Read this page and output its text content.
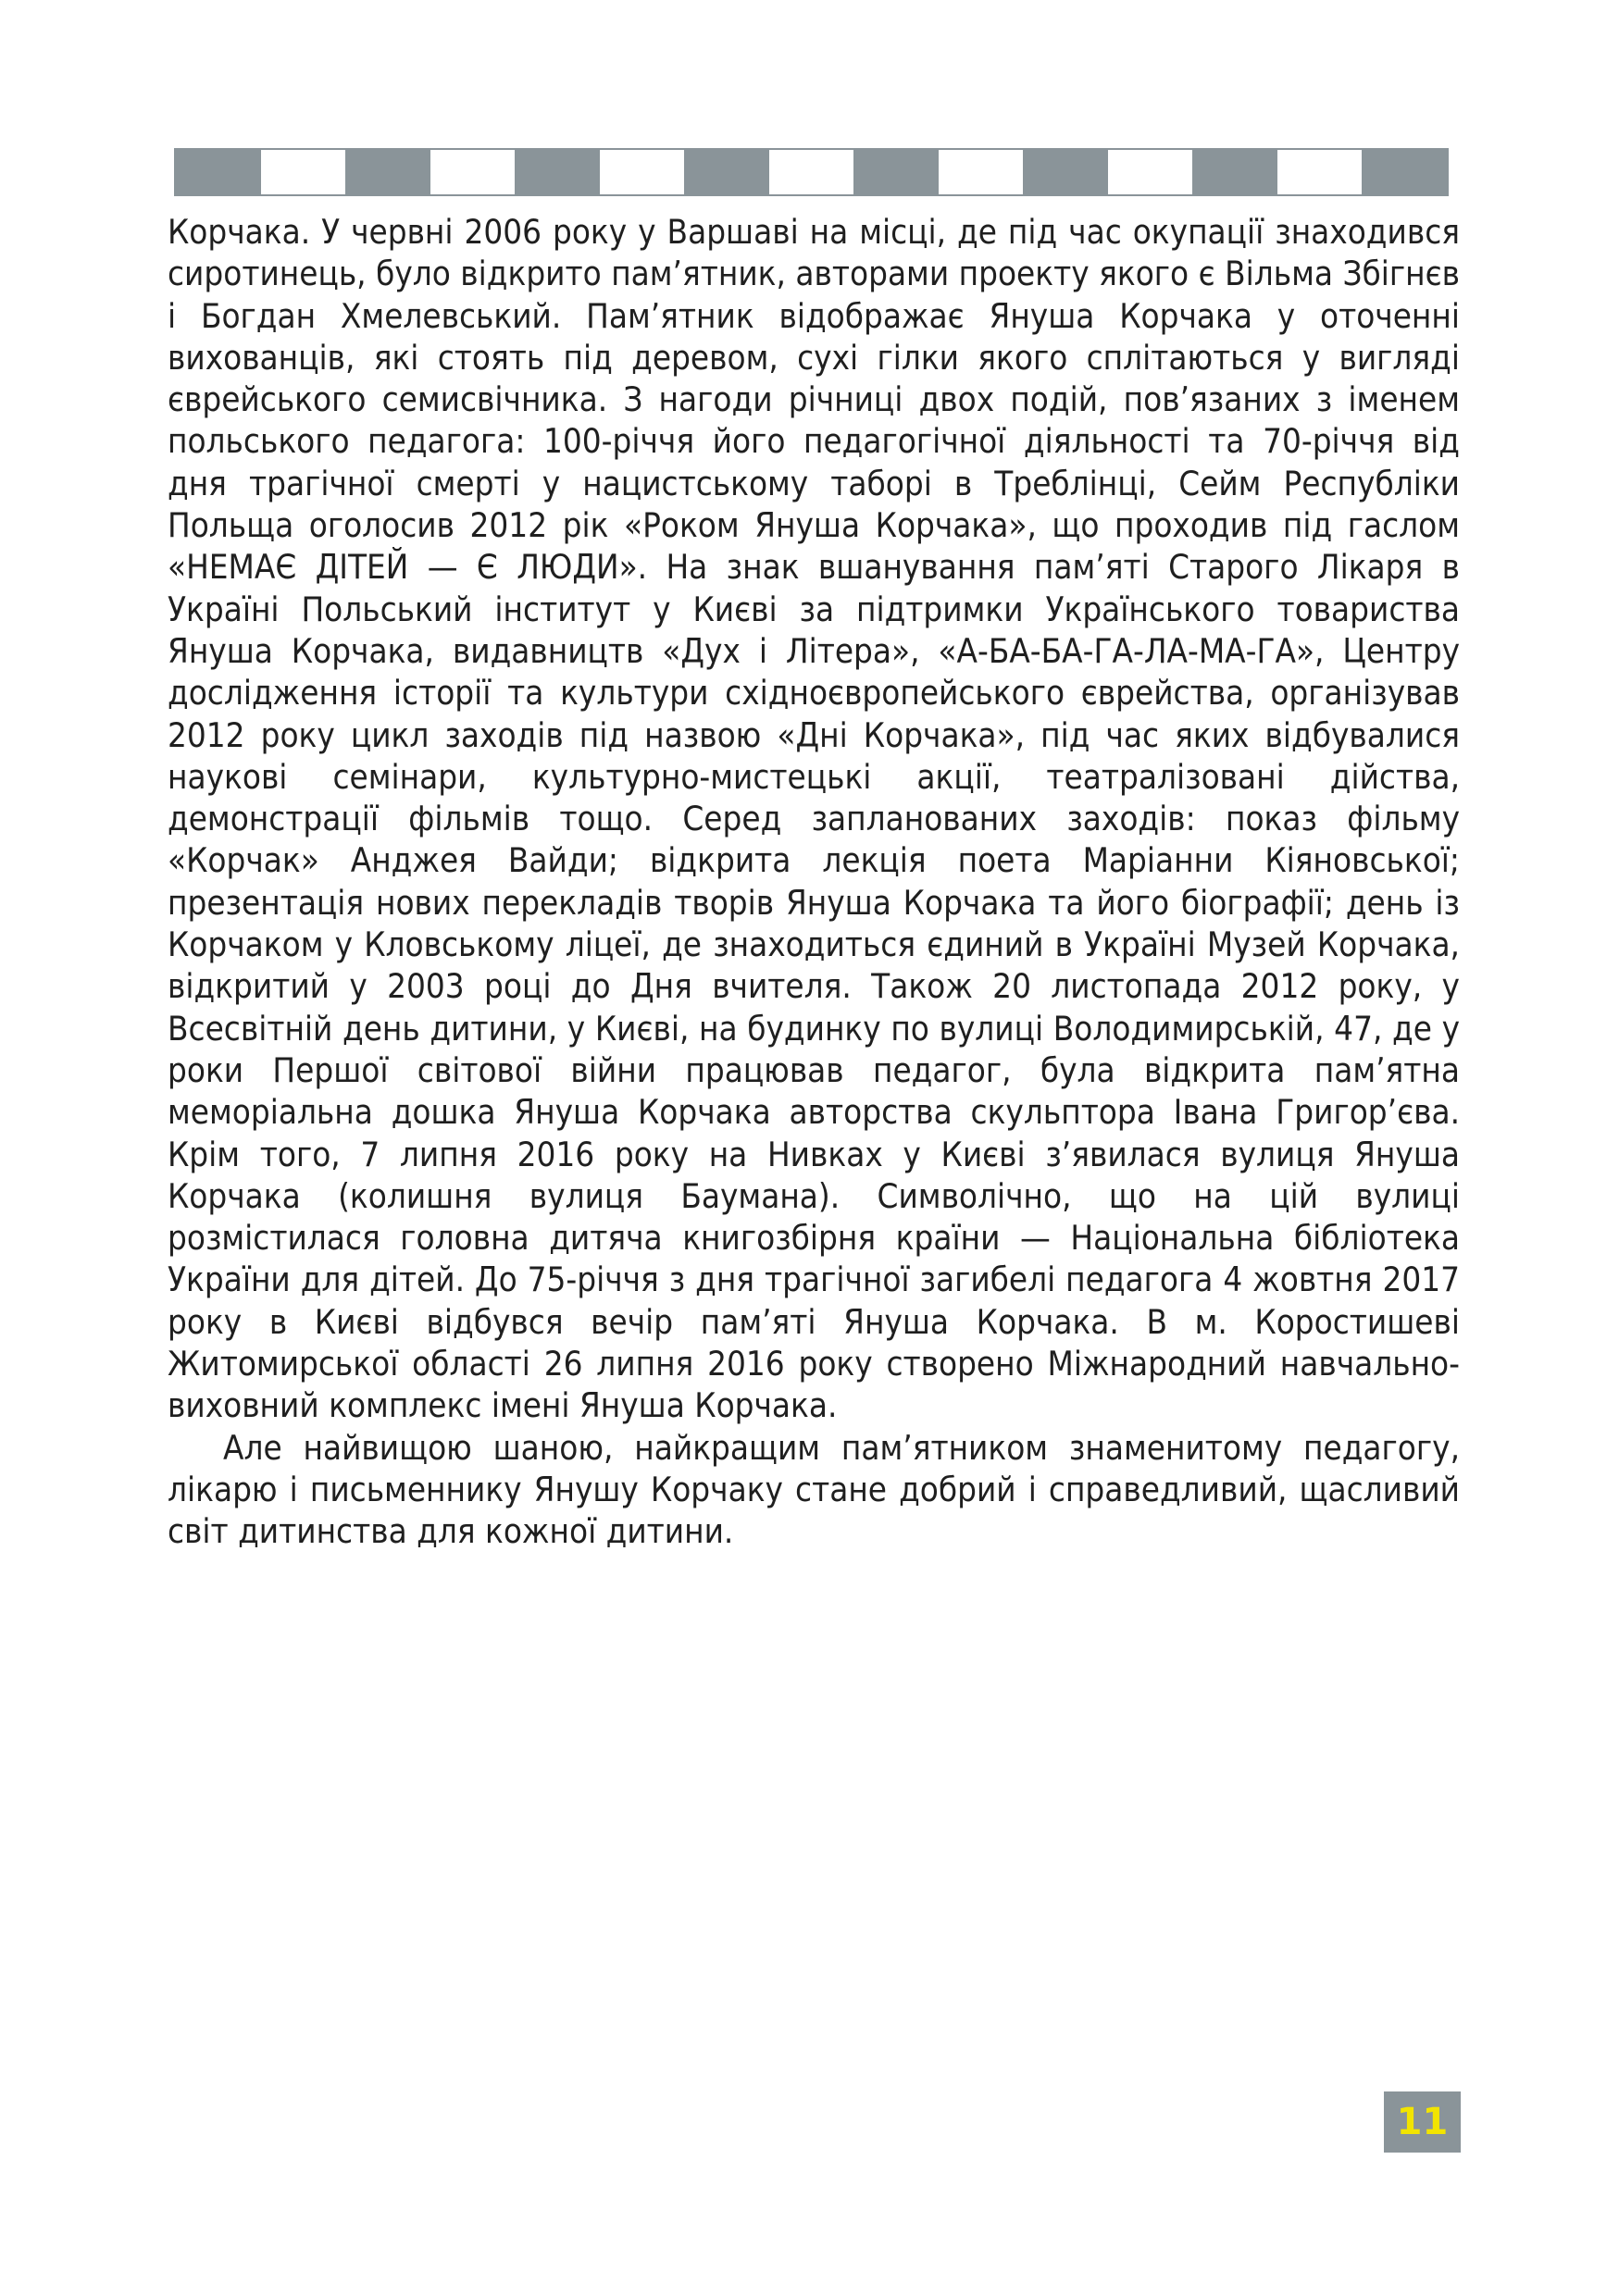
Корчака. У червні 2006 року у Варшаві на місці, де під час окупації знаходився сиротинець, було відкрито пам’ятник, авторами проекту якого є Вільма Збігнєв і Богдан Хмелевський. Пам’ятник відображає Януша Корчака у оточенні вихованців, які стоять під деревом, сухі гілки якого сплітаються у вигляді єврейського семисвічника. З нагоди річниці двох подій, пов’язаних з іменем польського педагога: 100-річчя його педагогічної діяльності та 70-річчя від дня трагічної смерті у нацистському таборі в Треблінці, Сейм Республіки Польща оголосив 2012 рік «Роком Януша Корчака», що проходив під гаслом «НЕМАЄ ДІТЕЙ — Є ЛЮДИ». На знак вшанування пам’яті Старого Лікаря в Україні Польський інститут у Києві за підтримки Українського товариства Януша Корчака, видавництв «Дух і Літера», «А-БА-БА-ГА-ЛА-МА-ГА», Центру дослідження історії та культури східноєвропейського єврейства, організував 2012 року цикл заходів під назвою «Дні Корчака», під час яких відбувалися наукові семінари, культурно-мистецькі акції, театралізовані дійства, демонстрації фільмів тощо. Серед запланованих заходів: показ фільму «Корчак» Анджея Вайди; відкрита лекція поета Маріанни Кіяновської; презентація нових перекладів творів Януша Корчака та його біографії; день із Корчаком у Кловському ліцеї, де знаходиться єдиний в Україні Музей Корчака, відкритий у 2003 році до Дня вчителя. Також 20 листопада 2012 року, у Всесвітній день дитини, у Києві, на будинку по вулиці Володимирській, 47, де у роки Першої світової війни працював педагог, була відкрита пам’ятна меморіальна дошка Януша Корчака авторства скульптора Івана Григор’єва. Крім того, 7 липня 2016 року на Нивках у Києві з’явилася вулиця Януша Корчака (колишня вулиця Баумана). Символічно, що на цій вулиці розмістилася головна дитяча книгозбірня країни — Національна бібліотека України для дітей. До 75-річчя з дня трагічної загибелі педагога 4 жовтня 2017 року в Києві відбувся вечір пам’яті Януша Корчака. В м. Коростишеві Житомирської області 26 липня 2016 року створено Міжнародний навчально-виховний комплекс імені Януша Корчака.

Але найвищою шаною, найкращим пам’ятником знаменитому педагогу, лікарю і письменнику Янушу Корчаку стане добрий і справедливий, щасливий світ дитинства для кожної дитини.

11
